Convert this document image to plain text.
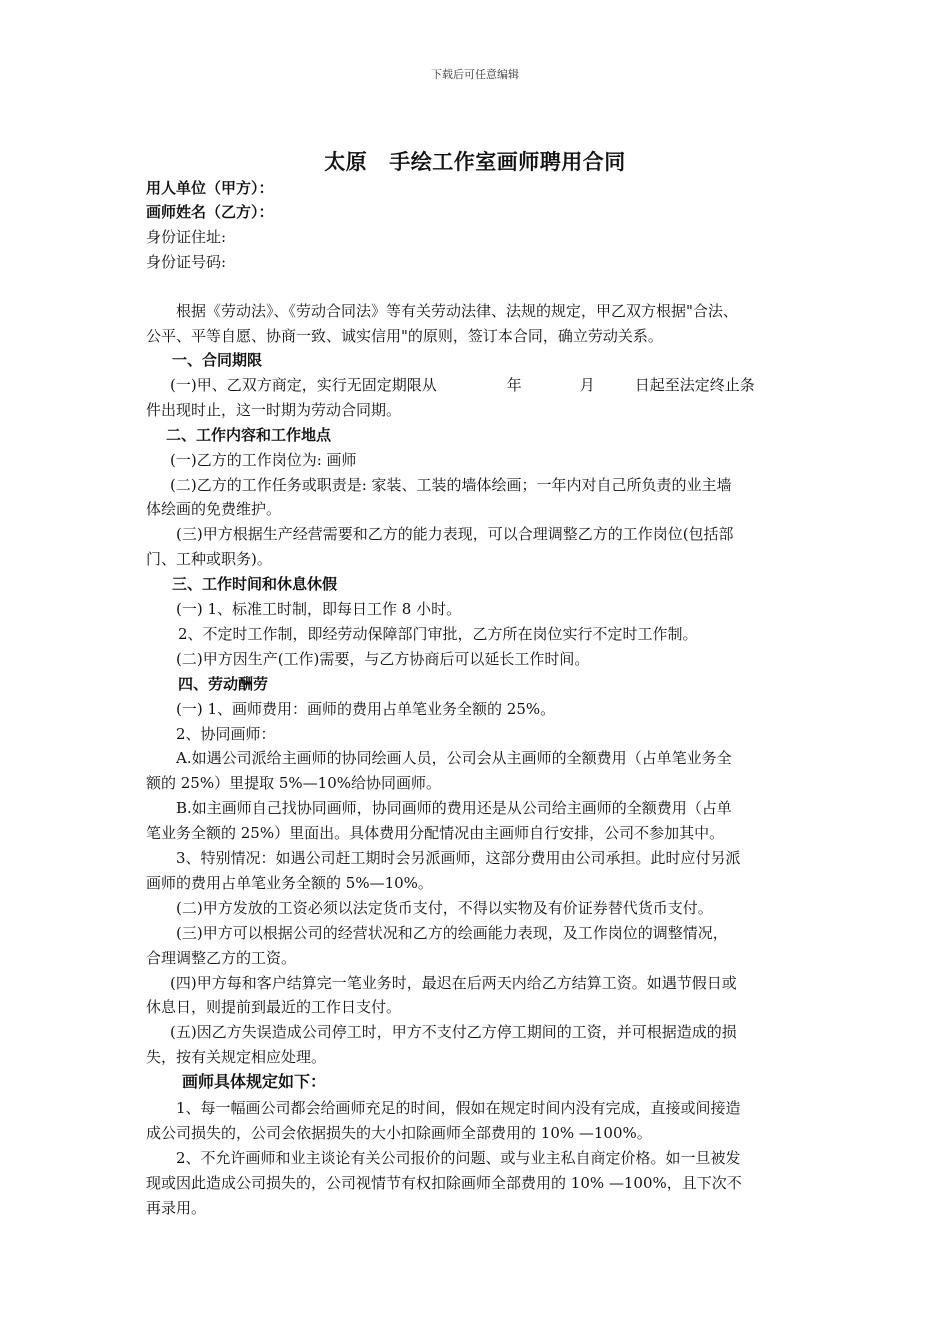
下载后可任意编辑
太原 手绘工作室画师聘用合同
用人单位（甲方）：
画师姓名（乙方）：
身份证住址:
身份证号码:
根据《劳动法》、《劳动合同法》等有关劳动法律、法规的规定，甲乙双方根据"合法、
公平、平等自愿、协商一致、诚实信用"的原则，签订本合同，确立劳动关系。
一、合同期限
(一)甲、乙双方商定，实行无固定期限从	年	月	日起至法定终止条
件出现时止，这一时期为劳动合同期。
二、工作内容和工作地点
(一)乙方的工作岗位为: 画师
(二)乙方的工作任务或职责是: 家装、工装的墙体绘画；一年内对自己所负责的业主墙
体绘画的免费维护。
(三)甲方根据生产经营需要和乙方的能力表现，可以合理调整乙方的工作岗位(包括部
门、工种或职务)。
三、工作时间和休息休假
(一) 1、标准工时制，即每日工作 8 小时。
2、不定时工作制，即经劳动保障部门审批，乙方所在岗位实行不定时工作制。
(二)甲方因生产(工作)需要，与乙方协商后可以延长工作时间。
四、劳动酬劳
(一) 1、画师费用：画师的费用占单笔业务全额的 25%。
2、协同画师：
A.如遇公司派给主画师的协同绘画人员，公司会从主画师的全额费用（占单笔业务全
额的 25%）里提取 5%—10%给协同画师。
B.如主画师自己找协同画师，协同画师的费用还是从公司给主画师的全额费用（占单
笔业务全额的 25%）里面出。具体费用分配情况由主画师自行安排，公司不参加其中。
3、特别情况：如遇公司赶工期时会另派画师，这部分费用由公司承担。此时应付另派
画师的费用占单笔业务全额的 5%—10%。
(二)甲方发放的工资必须以法定货币支付，不得以实物及有价证券替代货币支付。
(三)甲方可以根据公司的经营状况和乙方的绘画能力表现，及工作岗位的调整情况，
合理调整乙方的工资。
(四)甲方每和客户结算完一笔业务时，最迟在后两天内给乙方结算工资。如遇节假日或
休息日，则提前到最近的工作日支付。
(五)因乙方失误造成公司停工时，甲方不支付乙方停工期间的工资，并可根据造成的损
失，按有关规定相应处理。
画师具体规定如下：
1、每一幅画公司都会给画师充足的时间，假如在规定时间内没有完成，直接或间接造
成公司损失的，公司会依据损失的大小扣除画师全部费用的 10% —100%。
2、不允许画师和业主谈论有关公司报价的问题、或与业主私自商定价格。如一旦被发
现或因此造成公司损失的，公司视情节有权扣除画师全部费用的 10% —100%，且下次不
再录用。
